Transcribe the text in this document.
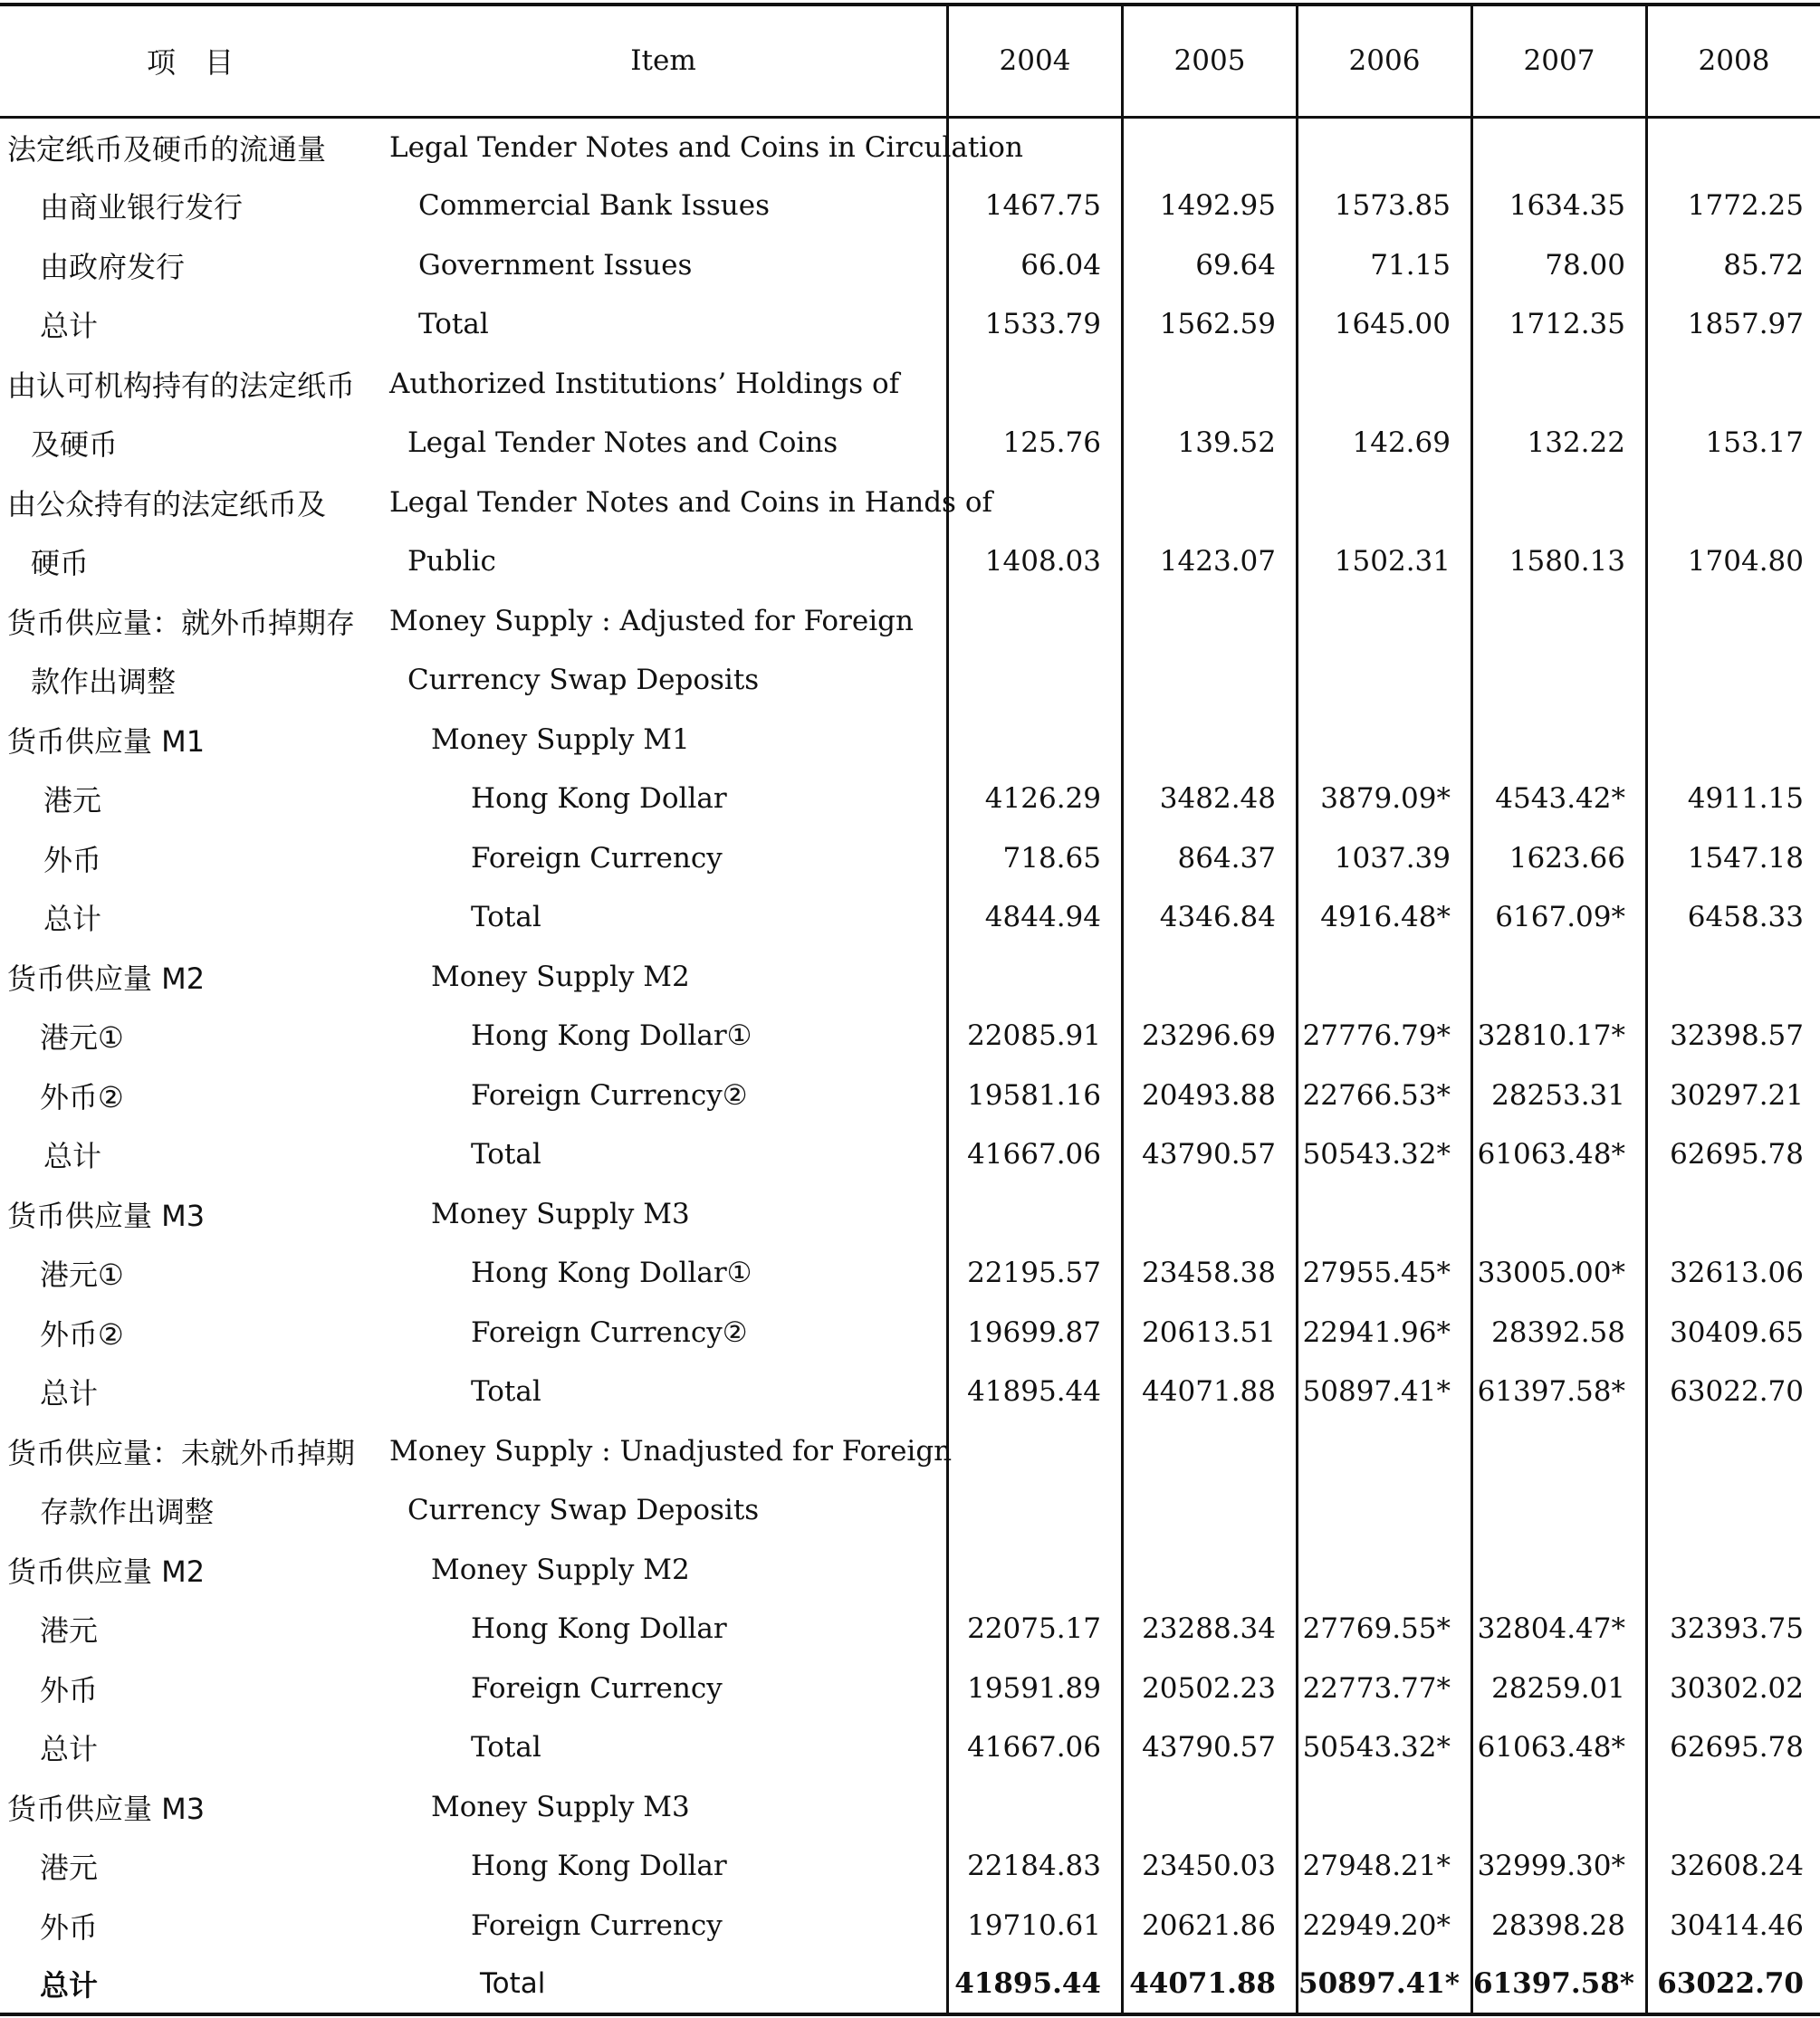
项　目	Item	2004	2005	2006	2007	2008
法定纸币及硬币的流通量	Legal Tender Notes and Coins in Circulation					
由商业银行发行	Commercial Bank Issues	1467.75	1492.95	1573.85	1634.35	1772.25
由政府发行	Government Issues	66.04	69.64	71.15	78.00	85.72
总计	Total	1533.79	1562.59	1645.00	1712.35	1857.97
由认可机构持有的法定纸币	Authorized Institutions’ Holdings of					
及硬币	Legal Tender Notes and Coins	125.76	139.52	142.69	132.22	153.17
由公众持有的法定纸币及	Legal Tender Notes and Coins in Hands of					
硬币	Public	1408.03	1423.07	1502.31	1580.13	1704.80
货币供应量：就外币掉期存	Money Supply : Adjusted for Foreign					
款作出调整	Currency Swap Deposits					
货币供应量 M1	Money Supply M1					
港元	Hong Kong Dollar	4126.29	3482.48	3879.09*	4543.42*	4911.15
外币	Foreign Currency	718.65	864.37	1037.39	1623.66	1547.18
总计	Total	4844.94	4346.84	4916.48*	6167.09*	6458.33
货币供应量 M2	Money Supply M2					
港元①	Hong Kong Dollar①	22085.91	23296.69	27776.79*	32810.17*	32398.57
外币②	Foreign Currency②	19581.16	20493.88	22766.53*	28253.31	30297.21
总计	Total	41667.06	43790.57	50543.32*	61063.48*	62695.78
货币供应量 M3	Money Supply M3					
港元①	Hong Kong Dollar①	22195.57	23458.38	27955.45*	33005.00*	32613.06
外币②	Foreign Currency②	19699.87	20613.51	22941.96*	28392.58	30409.65
总计	Total	41895.44	44071.88	50897.41*	61397.58*	63022.70
货币供应量：未就外币掉期	Money Supply : Unadjusted for Foreign					
存款作出调整	Currency Swap Deposits					
货币供应量 M2	Money Supply M2					
港元	Hong Kong Dollar	22075.17	23288.34	27769.55*	32804.47*	32393.75
外币	Foreign Currency	19591.89	20502.23	22773.77*	28259.01	30302.02
总计	Total	41667.06	43790.57	50543.32*	61063.48*	62695.78
货币供应量 M3	Money Supply M3					
港元	Hong Kong Dollar	22184.83	23450.03	27948.21*	32999.30*	32608.24
外币	Foreign Currency	19710.61	20621.86	22949.20*	28398.28	30414.46
总计	Total	41895.44	44071.88	50897.41*	61397.58*	63022.70
